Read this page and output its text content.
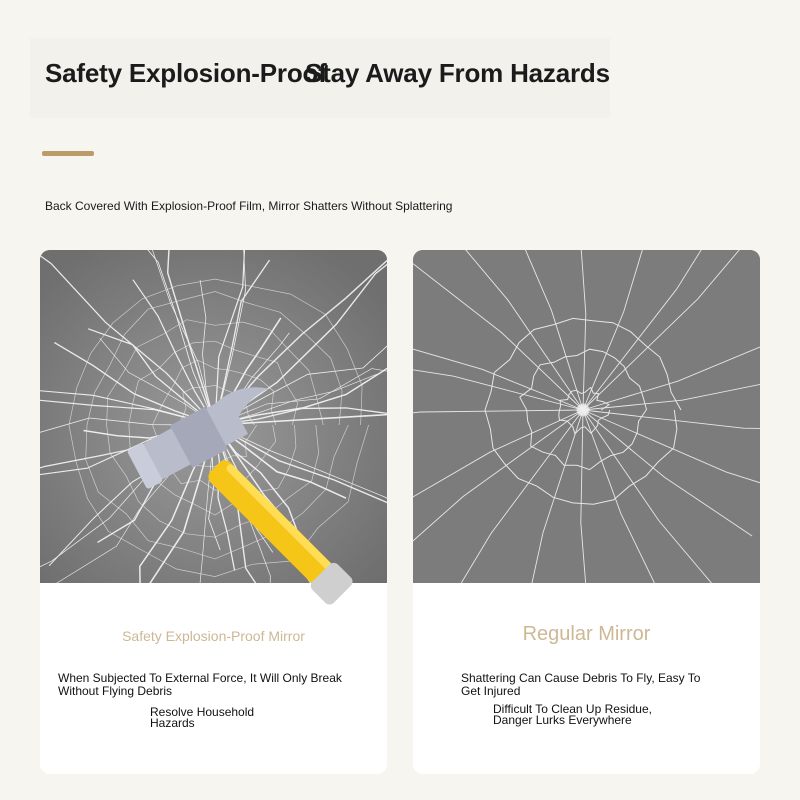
Safety Explosion-Proof
Stay Away From Hazards
Back Covered With Explosion-Proof Film, Mirror Shatters Without Splattering
Safety Explosion-Proof Mirror
When Subjected To External Force, It Will Only Break Without Flying Debris
Resolve Household Hazards
Regular Mirror
Shattering Can Cause Debris To Fly, Easy To Get Injured
Difficult To Clean Up Residue, Danger Lurks Everywhere
